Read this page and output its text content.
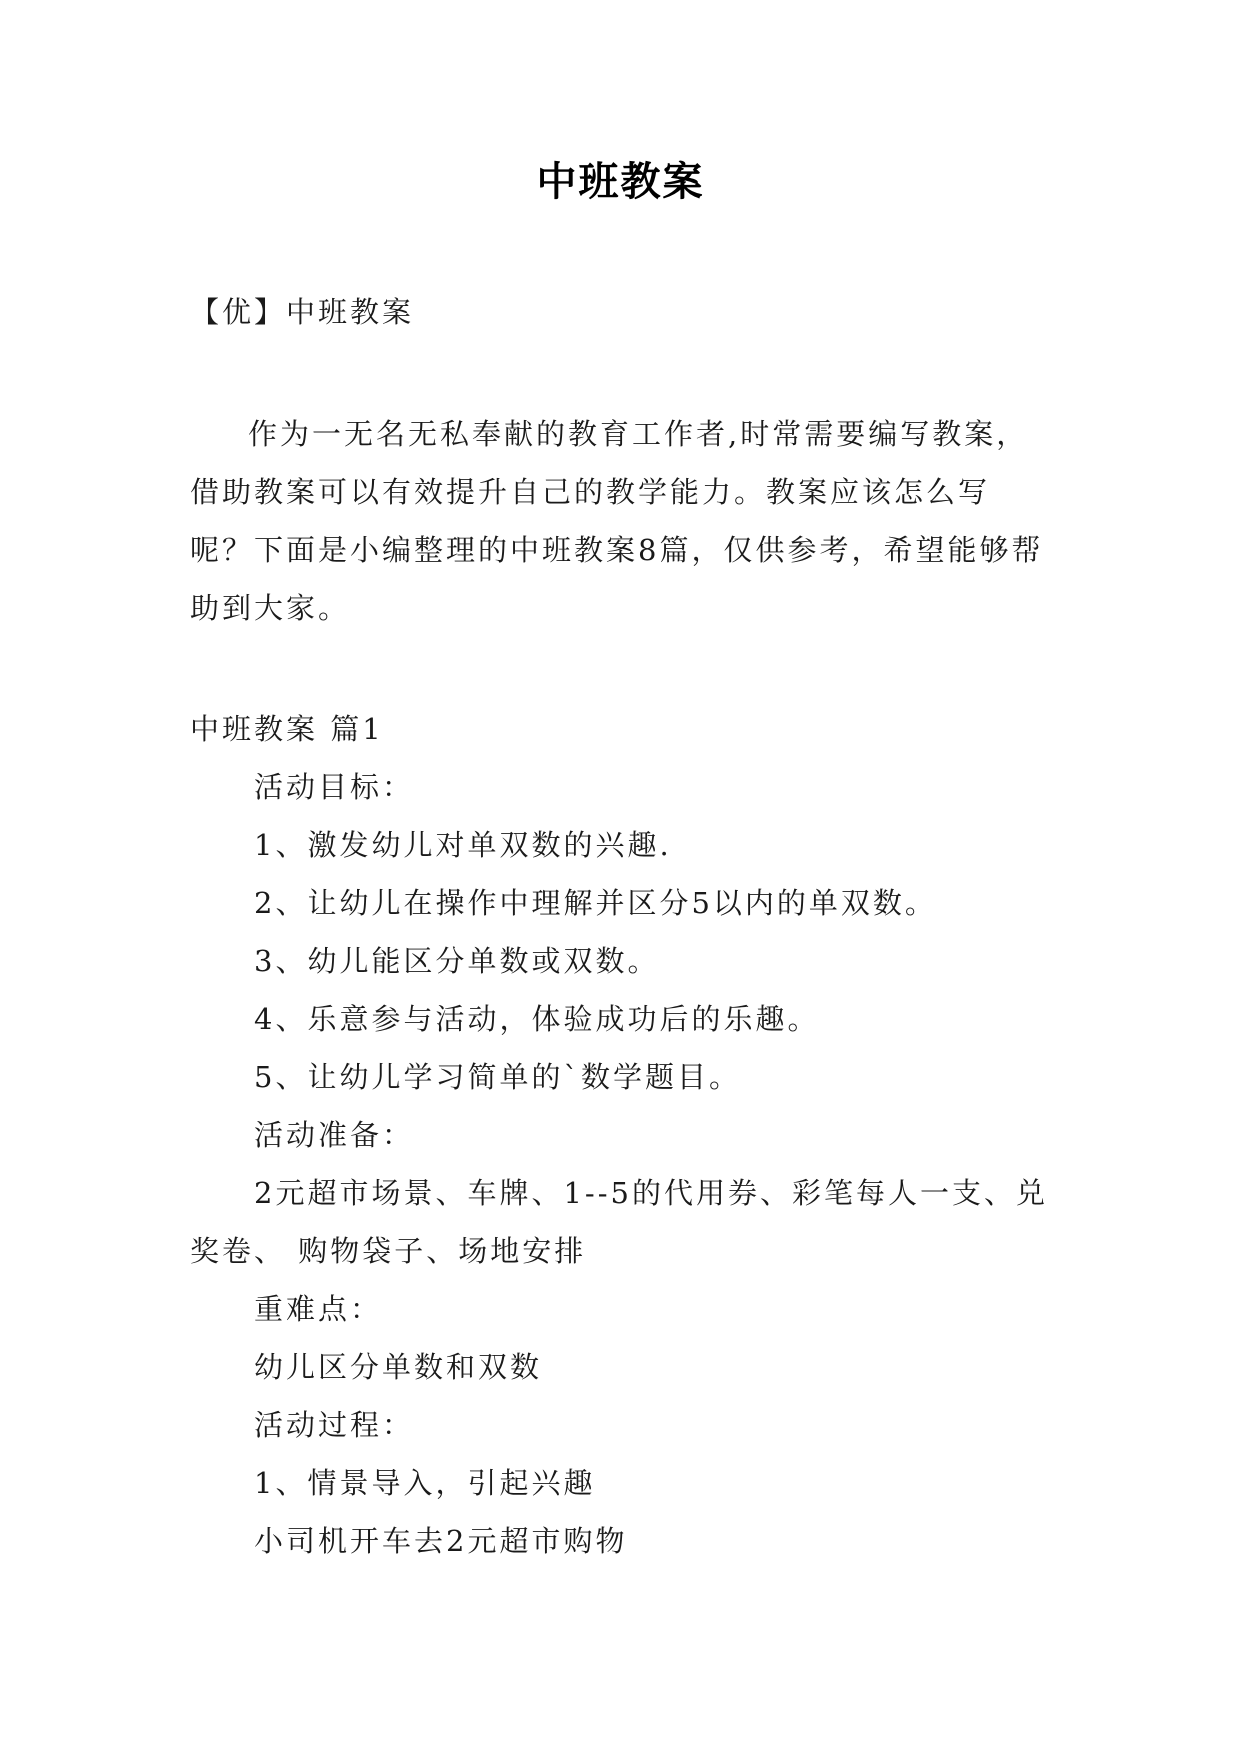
中班教案

【优】中班教案

作为一无名无私奉献的教育工作者,时常需要编写教案，借助教案可以有效提升自己的教学能力。教案应该怎么写呢？下面是小编整理的中班教案8篇，仅供参考，希望能够帮助到大家。

中班教案 篇1

活动目标：

1、激发幼儿对单双数的兴趣.

2、让幼儿在操作中理解并区分5以内的单双数。

3、幼儿能区分单数或双数。

4、乐意参与活动，体验成功后的乐趣。

5、让幼儿学习简单的`数学题目。

活动准备：

2元超市场景、车牌、1--5的代用券、彩笔每人一支、兑奖卷、 购物袋子、场地安排

重难点：

幼儿区分单数和双数

活动过程：

1、情景导入，引起兴趣

小司机开车去2元超市购物
